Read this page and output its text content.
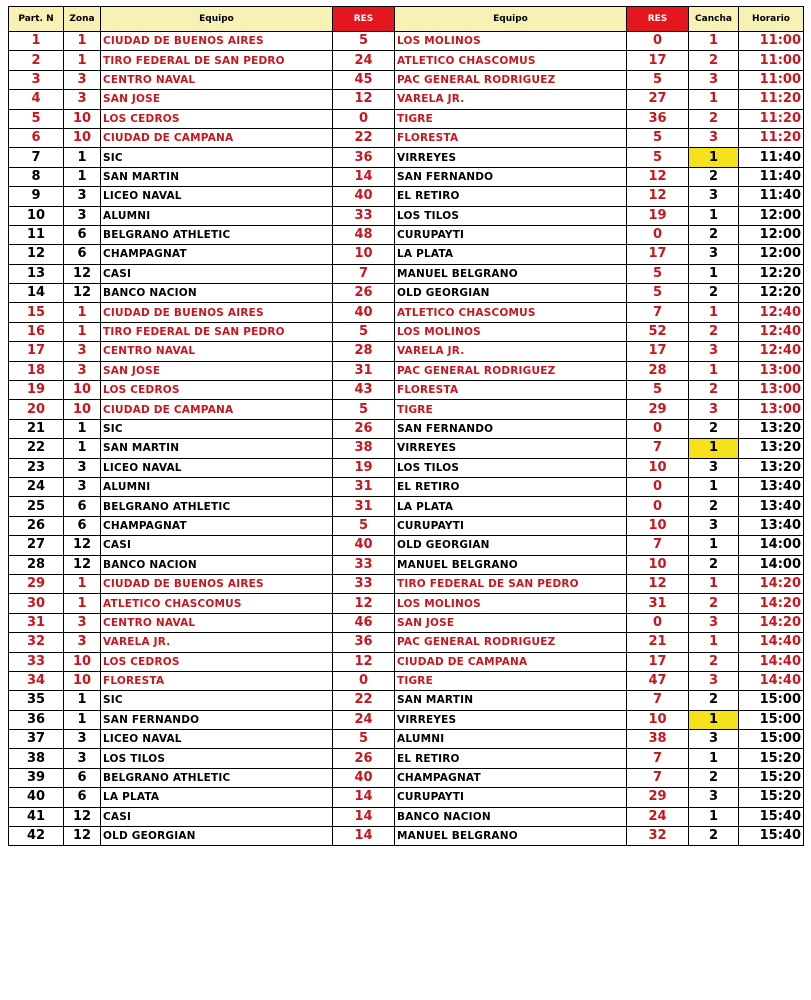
Part. N	Zona	Equipo	RES	Equipo	RES	Cancha	Horario
1	1	CIUDAD DE BUENOS AIRES	5	LOS MOLINOS	0	1	11:00
2	1	TIRO FEDERAL DE SAN PEDRO	24	ATLETICO CHASCOMUS	17	2	11:00
3	3	CENTRO NAVAL	45	PAC GENERAL RODRIGUEZ	5	3	11:00
4	3	SAN JOSE	12	VARELA JR.	27	1	11:20
5	10	LOS CEDROS	0	TIGRE	36	2	11:20
6	10	CIUDAD DE CAMPANA	22	FLORESTA	5	3	11:20
7	1	SIC	36	VIRREYES	5	1	11:40
8	1	SAN MARTIN	14	SAN FERNANDO	12	2	11:40
9	3	LICEO NAVAL	40	EL RETIRO	12	3	11:40
10	3	ALUMNI	33	LOS TILOS	19	1	12:00
11	6	BELGRANO ATHLETIC	48	CURUPAYTI	0	2	12:00
12	6	CHAMPAGNAT	10	LA PLATA	17	3	12:00
13	12	CASI	7	MANUEL BELGRANO	5	1	12:20
14	12	BANCO NACION	26	OLD GEORGIAN	5	2	12:20
15	1	CIUDAD DE BUENOS AIRES	40	ATLETICO CHASCOMUS	7	1	12:40
16	1	TIRO FEDERAL DE SAN PEDRO	5	LOS MOLINOS	52	2	12:40
17	3	CENTRO NAVAL	28	VARELA JR.	17	3	12:40
18	3	SAN JOSE	31	PAC GENERAL RODRIGUEZ	28	1	13:00
19	10	LOS CEDROS	43	FLORESTA	5	2	13:00
20	10	CIUDAD DE CAMPANA	5	TIGRE	29	3	13:00
21	1	SIC	26	SAN FERNANDO	0	2	13:20
22	1	SAN MARTIN	38	VIRREYES	7	1	13:20
23	3	LICEO NAVAL	19	LOS TILOS	10	3	13:20
24	3	ALUMNI	31	EL RETIRO	0	1	13:40
25	6	BELGRANO ATHLETIC	31	LA PLATA	0	2	13:40
26	6	CHAMPAGNAT	5	CURUPAYTI	10	3	13:40
27	12	CASI	40	OLD GEORGIAN	7	1	14:00
28	12	BANCO NACION	33	MANUEL BELGRANO	10	2	14:00
29	1	CIUDAD DE BUENOS AIRES	33	TIRO FEDERAL DE SAN PEDRO	12	1	14:20
30	1	ATLETICO CHASCOMUS	12	LOS MOLINOS	31	2	14:20
31	3	CENTRO NAVAL	46	SAN JOSE	0	3	14:20
32	3	VARELA JR.	36	PAC GENERAL RODRIGUEZ	21	1	14:40
33	10	LOS CEDROS	12	CIUDAD DE CAMPANA	17	2	14:40
34	10	FLORESTA	0	TIGRE	47	3	14:40
35	1	SIC	22	SAN MARTIN	7	2	15:00
36	1	SAN FERNANDO	24	VIRREYES	10	1	15:00
37	3	LICEO NAVAL	5	ALUMNI	38	3	15:00
38	3	LOS TILOS	26	EL RETIRO	7	1	15:20
39	6	BELGRANO ATHLETIC	40	CHAMPAGNAT	7	2	15:20
40	6	LA PLATA	14	CURUPAYTI	29	3	15:20
41	12	CASI	14	BANCO NACION	24	1	15:40
42	12	OLD GEORGIAN	14	MANUEL BELGRANO	32	2	15:40
